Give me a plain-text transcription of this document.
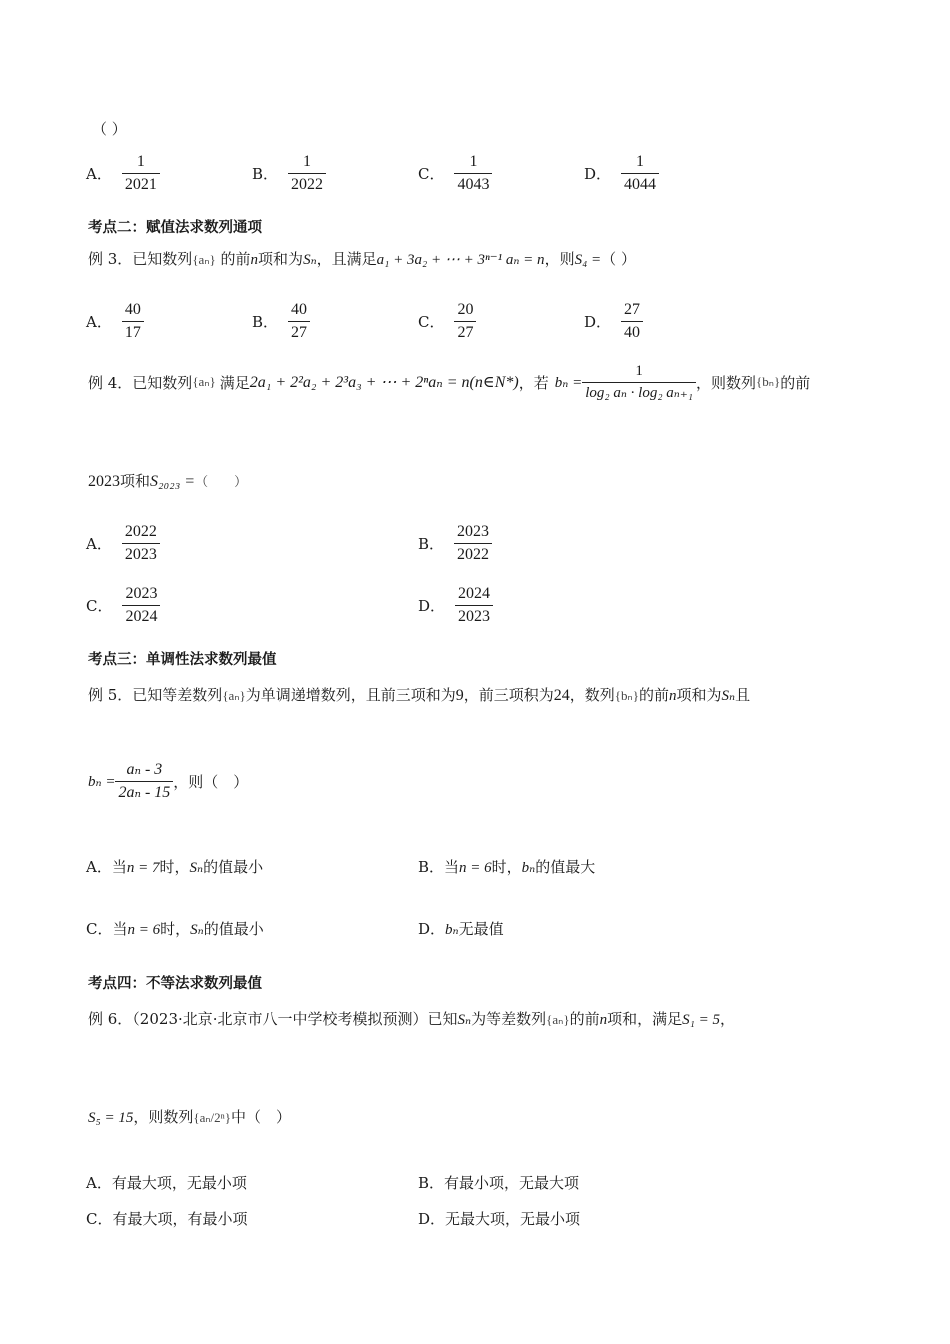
（ ）
A． $\frac{1}{2021}$	B． $\frac{1}{2022}$	C． $\frac{1}{4043}$	D． $\frac{1}{4044}$
考点二：赋值法求数列通项
例 3．已知数列{aₙ} 的前n项和为Sₙ，且满足a₁ + 3a₂ + ⋯ + 3ⁿ⁻¹ aₙ = n，则S₄ =（ ）
A． $\frac{40}{17}$	B． $\frac{40}{27}$	C． $\frac{20}{27}$	D． $\frac{27}{40}$
例 4．已知数列 {aₙ} 满足 2a₁ + 2²a₂ + 2³a₃ + ⋯ + 2ⁿaₙ = n(n∈N*) ，若 $b_n = \frac{1}{\text{log₂ aₙ · log₂ aₙ₊₁}}$ ，则数列 {bₙ} 的前
2023项和S₂₀₂₃ =（　　）
A． $\frac{2022}{2023}$	B． $\frac{2023}{2022}$
C． $\frac{2023}{2024}$	D． $\frac{2024}{2023}$
考点三：单调性法求数列最值
例 5．已知等差数列{aₙ}为单调递增数列，且前三项和为9，前三项积为24，数列{bₙ}的前n项和为Sₙ且
$b_n = \frac{\text{aₙ - 3}}{\text{2aₙ - 15}}$ ，则（　）
A．当n = 7时，Sₙ的值最小	B．当n = 6时，bₙ的值最大
C．当n = 6时，Sₙ的值最小	D．bₙ无最值
考点四：不等法求数列最值
例 6．（2023·北京·北京市八一中学校考模拟预测）已知Sₙ为等差数列{aₙ}的前n项和，满足S₁ = 5，
S₅ = 15，则数列{aₙ/2ⁿ}中（　）
A．有最大项，无最小项	B．有最小项，无最大项
C．有最大项，有最小项	D．无最大项，无最小项
